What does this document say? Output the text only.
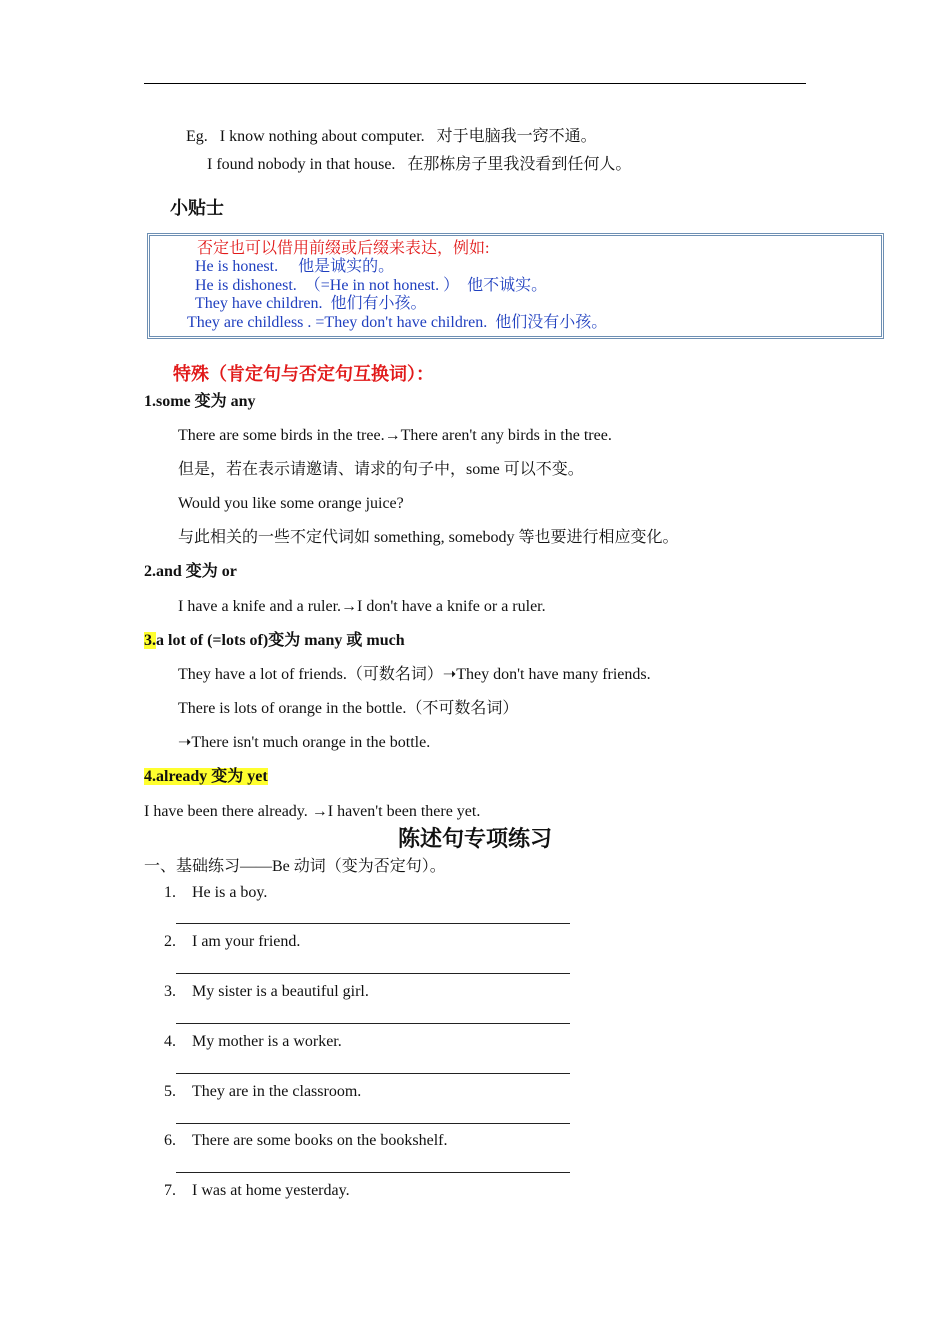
Eg. I know nothing about computer. 对于电脑我一窍不通。
I found nobody in that house. 在那栋房子里我没看到任何人。
小贴士
否定也可以借用前缀或后缀来表达，例如:
He is honest.     他是诚实的。
He is dishonest.  （=He in not honest. ）  他不诚实。
They have children.  他们有小孩。
They are childless . =They don't have children.  他们没有小孩。
特殊（肯定句与否定句互换词）：
1.some 变为 any
There are some birds in the tree.→There aren't any birds in the tree.
但是，若在表示请邀请、请求的句子中，some 可以不变。
Would you like some orange juice?
与此相关的一些不定代词如 something, somebody 等也要进行相应变化。
2.and 变为 or
I have a knife and a ruler.→I don't have a knife or a ruler.
3.a lot of (=lots of)变为 many 或 much
They have a lot of friends.（可数名词）➝They don't have many friends.
There is lots of orange in the bottle.（不可数名词）
➝There isn't much orange in the bottle.
4.already 变为 yet
I have been there already. →I haven't been there yet.
陈述句专项练习
一、基础练习——Be 动词（变为否定句）。
1. He is a boy.
2. I am your friend.
3. My sister is a beautiful girl.
4. My mother is a worker.
5. They are in the classroom.
6. There are some books on the bookshelf.
7. I was at home yesterday.
